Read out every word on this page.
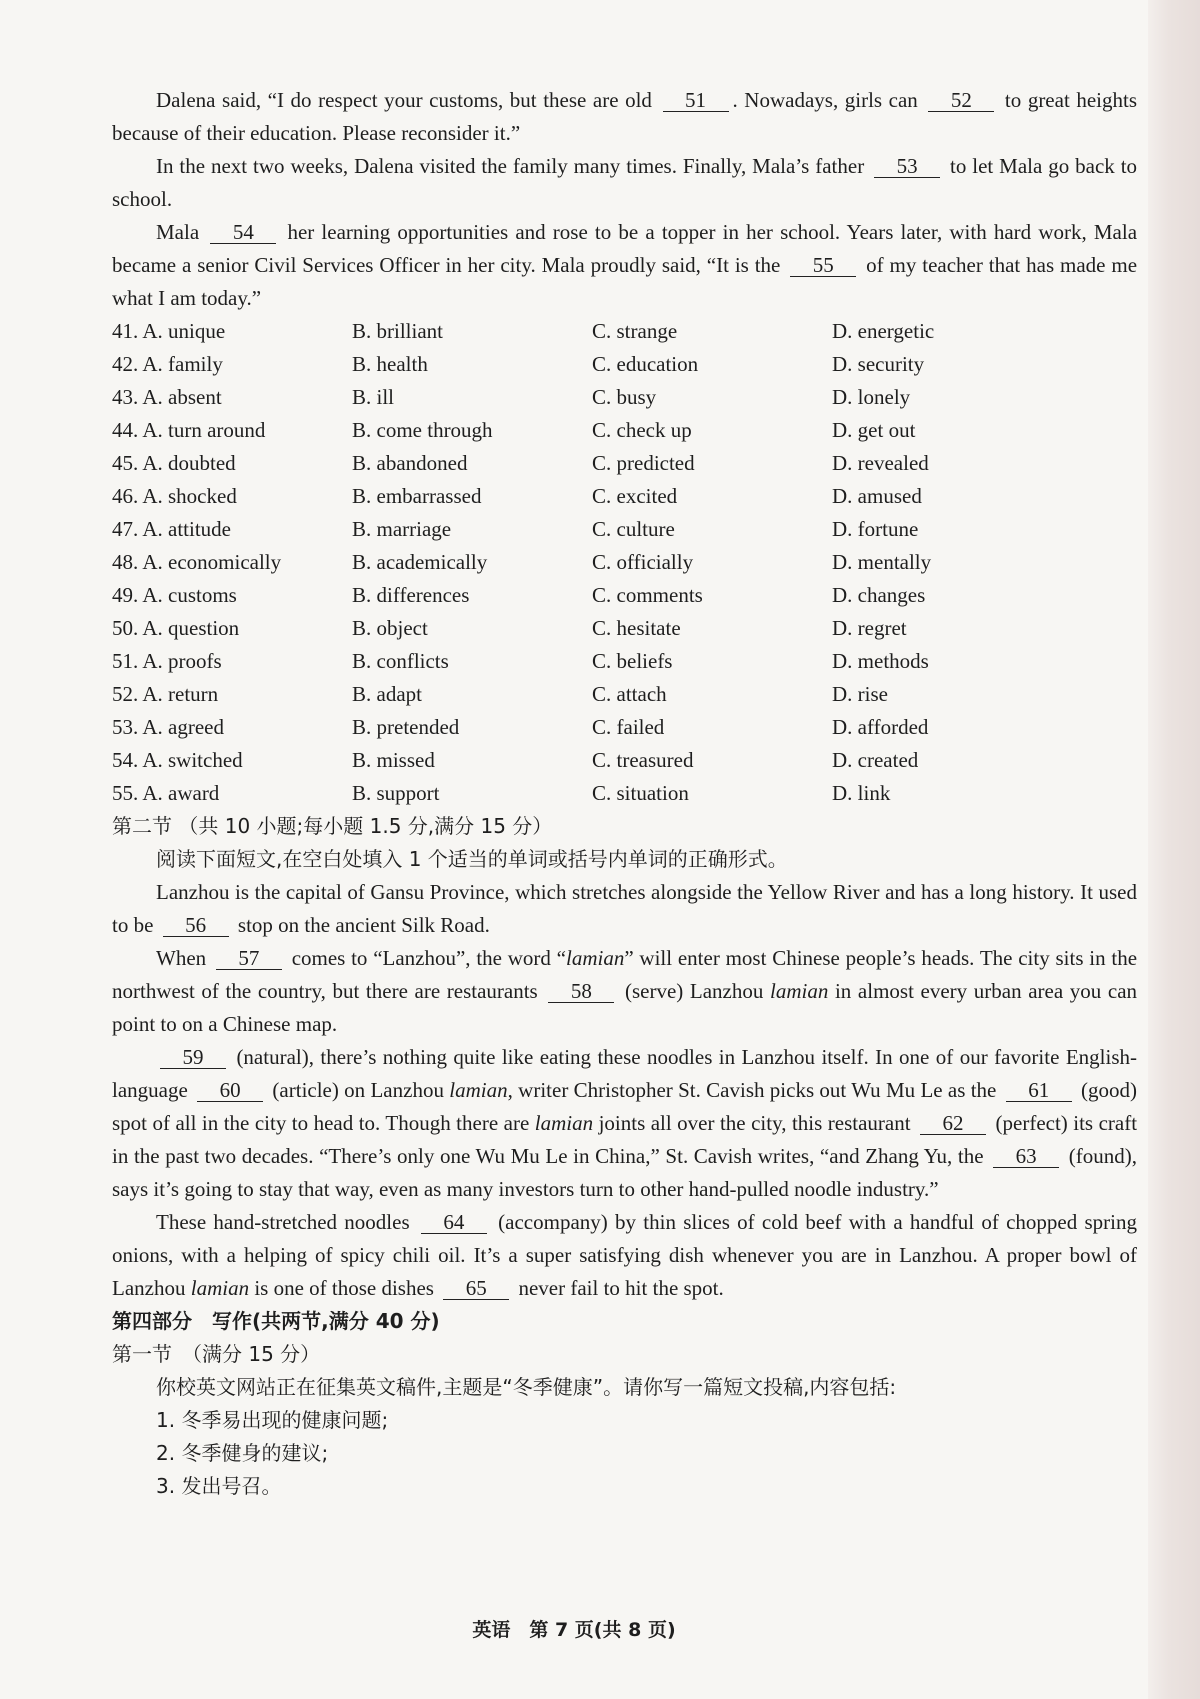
Dalena said, “I do respect your customs, but these are old 51 . Nowadays, girls can 52 to great heights because of their education. Please reconsider it.”

In the next two weeks, Dalena visited the family many times. Finally, Mala’s father 53 to let Mala go back to school.

Mala 54 her learning opportunities and rose to be a topper in her school. Years later, with hard work, Mala became a senior Civil Services Officer in her city. Mala proudly said, “It is the 55 of my teacher that has made me what I am today.”

41. A. unique	B. brilliant	C. strange	D. energetic
42. A. family	B. health	C. education	D. security
43. A. absent	B. ill	C. busy	D. lonely
44. A. turn around	B. come through	C. check up	D. get out
45. A. doubted	B. abandoned	C. predicted	D. revealed
46. A. shocked	B. embarrassed	C. excited	D. amused
47. A. attitude	B. marriage	C. culture	D. fortune
48. A. economically	B. academically	C. officially	D. mentally
49. A. customs	B. differences	C. comments	D. changes
50. A. question	B. object	C. hesitate	D. regret
51. A. proofs	B. conflicts	C. beliefs	D. methods
52. A. return	B. adapt	C. attach	D. rise
53. A. agreed	B. pretended	C. failed	D. afforded
54. A. switched	B. missed	C. treasured	D. created
55. A. award	B. support	C. situation	D. link

第二节 （共 10 小题;每小题 1.5 分,满分 15 分）

阅读下面短文,在空白处填入 1 个适当的单词或括号内单词的正确形式。

Lanzhou is the capital of Gansu Province, which stretches alongside the Yellow River and has a long history. It used to be 56 stop on the ancient Silk Road.

When 57 comes to “Lanzhou”, the word “lamian” will enter most Chinese people’s heads. The city sits in the northwest of the country, but there are restaurants 58 (serve) Lanzhou lamian in almost every urban area you can point to on a Chinese map.

59 (natural), there’s nothing quite like eating these noodles in Lanzhou itself. In one of our favorite English-language 60 (article) on Lanzhou lamian, writer Christopher St. Cavish picks out Wu Mu Le as the 61 (good) spot of all in the city to head to. Though there are lamian joints all over the city, this restaurant 62 (perfect) its craft in the past two decades. “There’s only one Wu Mu Le in China,” St. Cavish writes, “and Zhang Yu, the 63 (found), says it’s going to stay that way, even as many investors turn to other hand-pulled noodle industry.”

These hand-stretched noodles 64 (accompany) by thin slices of cold beef with a handful of chopped spring onions, with a helping of spicy chili oil. It’s a super satisfying dish whenever you are in Lanzhou. A proper bowl of Lanzhou lamian is one of those dishes 65 never fail to hit the spot.

第四部分　写作(共两节,满分 40 分)

第一节　（满分 15 分）

你校英文网站正在征集英文稿件,主题是“冬季健康”。请你写一篇短文投稿,内容包括:

1. 冬季易出现的健康问题;

2. 冬季健身的建议;

3. 发出号召。

英语　第 7 页(共 8 页)
